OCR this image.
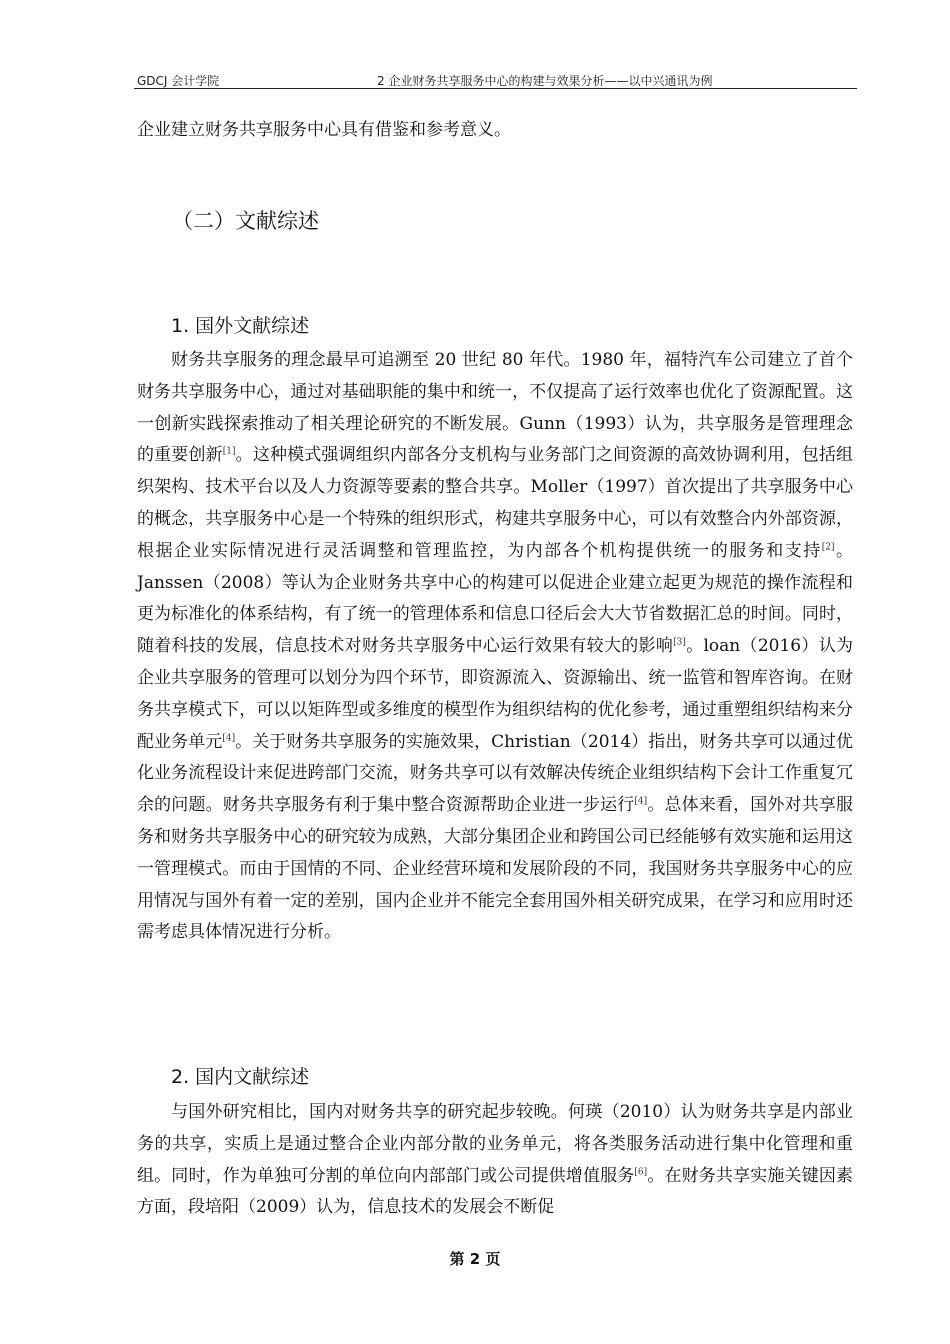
GDCJ 会计学院	2 企业财务共享服务中心的构建与效果分析——以中兴通讯为例

企业建立财务共享服务中心具有借鉴和参考意义。

（二）文献综述
1. 国外文献综述

财务共享服务的理念最早可追溯至 20 世纪 80 年代。1980 年，福特汽车公司建立了首个财务共享服务中心，通过对基础职能的集中和统一，不仅提高了运行效率也优化了资源配置。这一创新实践探索推动了相关理论研究的不断发展。Gunn（1993）认为，共享服务是管理理念的重要创新[1]。这种模式强调组织内部各分支机构与业务部门之间资源的高效协调利用，包括组织架构、技术平台以及人力资源等要素的整合共享。Moller（1997）首次提出了共享服务中心的概念，共享服务中心是一个特殊的组织形式，构建共享服务中心，可以有效整合内外部资源，根据企业实际情况进行灵活调整和管理监控，为内部各个机构提供统一的服务和支持[2]。Janssen（2008）等认为企业财务共享中心的构建可以促进企业建立起更为规范的操作流程和更为标准化的体系结构，有了统一的管理体系和信息口径后会大大节省数据汇总的时间。同时，随着科技的发展，信息技术对财务共享服务中心运行效果有较大的影响[3]。loan（2016）认为企业共享服务的管理可以划分为四个环节，即资源流入、资源输出、统一监管和智库咨询。在财务共享模式下，可以以矩阵型或多维度的模型作为组织结构的优化参考，通过重塑组织结构来分配业务单元[4]。关于财务共享服务的实施效果，Christian（2014）指出，财务共享可以通过优化业务流程设计来促进跨部门交流，财务共享可以有效解决传统企业组织结构下会计工作重复冗余的问题。财务共享服务有利于集中整合资源帮助企业进一步运行[4]。总体来看，国外对共享服务和财务共享服务中心的研究较为成熟，大部分集团企业和跨国公司已经能够有效实施和运用这一管理模式。而由于国情的不同、企业经营环境和发展阶段的不同，我国财务共享服务中心的应用情况与国外有着一定的差别，国内企业并不能完全套用国外相关研究成果，在学习和应用时还需考虑具体情况进行分析。

2. 国内文献综述

与国外研究相比，国内对财务共享的研究起步较晚。何瑛（2010）认为财务共享是内部业务的共享，实质上是通过整合企业内部分散的业务单元，将各类服务活动进行集中化管理和重组。同时，作为单独可分割的单位向内部部门或公司提供增值服务[6]。在财务共享实施关键因素方面，段培阳（2009）认为，信息技术的发展会不断促

第 2 页
